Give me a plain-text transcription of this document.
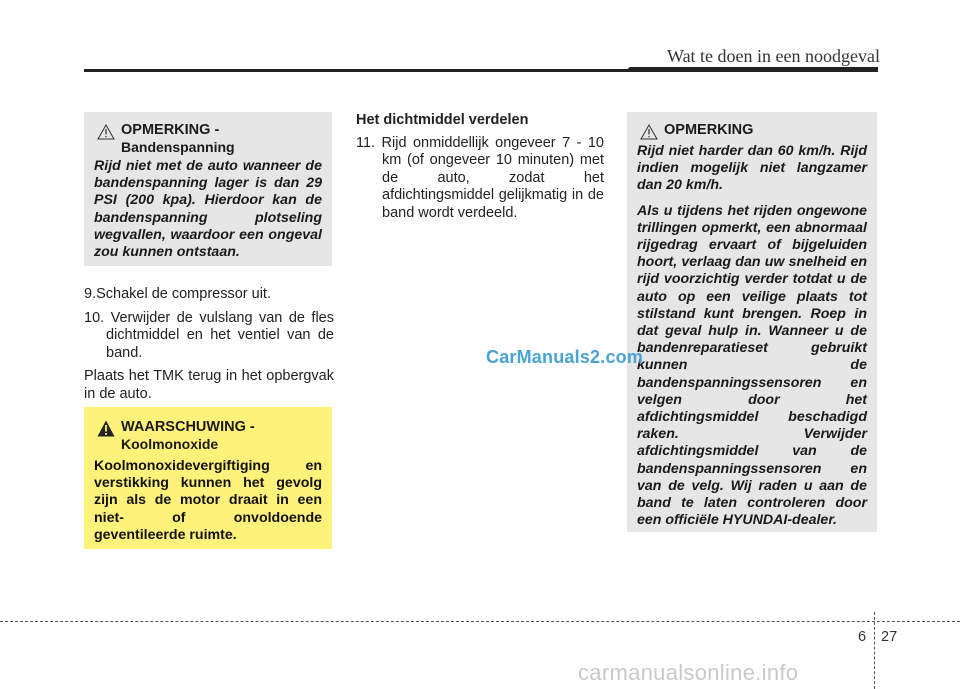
Wat te doen in een noodgeval
OPMERKING -
Bandenspanning
Rijd niet met de auto wanneer de bandenspanning lager is dan 29 PSI (200 kpa). Hierdoor kan de bandenspanning plotseling wegvallen, waardoor een ongeval zou kunnen ontstaan.

9.Schakel de compressor uit.

10. Verwijder de vulslang van de fles dichtmiddel en het ventiel van de band.

Plaats het TMK terug in het opbergvak in de auto.

WAARSCHUWING -
Koolmonoxide
Koolmonoxidevergiftiging en verstikking kunnen het gevolg zijn als de motor draait in een niet- of onvoldoende geventileerde ruimte.

Het dichtmiddel verdelen

11. Rijd onmiddellijk ongeveer 7 - 10 km (of ongeveer 10 minuten) met de auto, zodat het afdichtingsmiddel gelijkmatig in de band wordt verdeeld.

OPMERKING

Rijd niet harder dan 60 km/h. Rijd indien mogelijk niet langzamer dan 20 km/h.

Als u tijdens het rijden ongewone trillingen opmerkt, een abnormaal rijgedrag ervaart of bijgeluiden hoort, verlaag dan uw snelheid en rijd voorzichtig verder totdat u de auto op een veilige plaats tot stilstand kunt brengen. Roep in dat geval hulp in. Wanneer u de bandenreparatieset gebruikt kunnen de bandenspanningssensoren en velgen door het afdichtingsmiddel beschadigd raken. Verwijder afdichtingsmiddel van de bandenspanningssensoren en van de velg. Wij raden u aan de band te laten controleren door een officiële HYUNDAI-dealer.

CarManuals2.com
6 27
carmanualsonline.info
